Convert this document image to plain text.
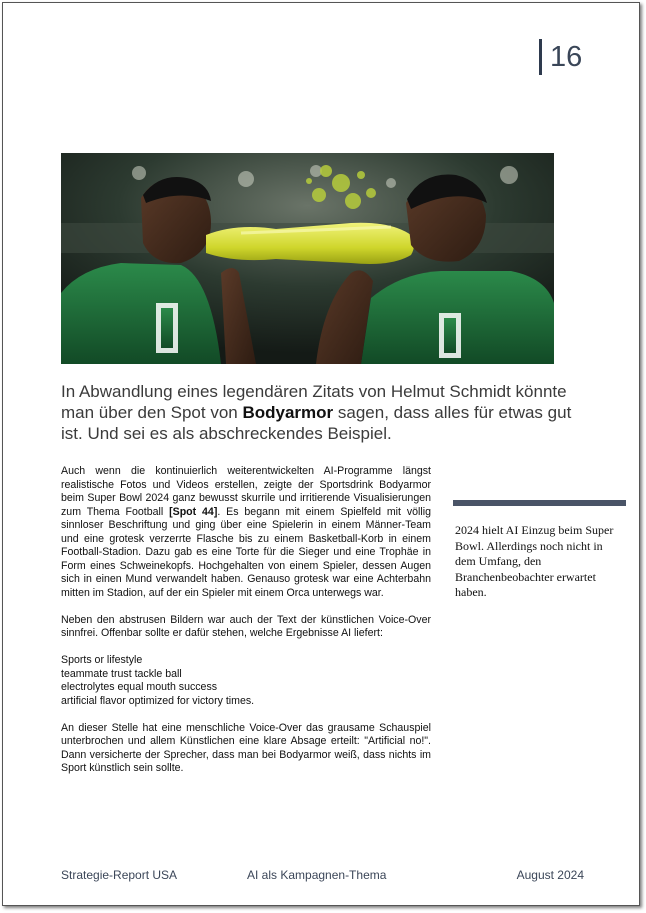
16
In Abwandlung eines legendären Zitats von Helmut Schmidt könnte man über den Spot von Bodyarmor sagen, dass alles für etwas gut ist. Und sei es als abschreckendes Beispiel.

Auch wenn die kontinuierlich weiterentwickelten AI-Programme längst realistische Fotos und Videos erstellen, zeigte der Sportsdrink Bodyarmor beim Super Bowl 2024 ganz bewusst skurrile und irritierende Visualisierungen zum Thema Football [Spot 44]. Es begann mit einem Spielfeld mit völlig sinnloser Beschriftung und ging über eine Spielerin in einem Männer-Team und eine grotesk verzerrte Flasche bis zu einem Basketball-Korb in einem Football-Stadion. Dazu gab es eine Torte für die Sieger und eine Trophäe in Form eines Schweinekopfs. Hochgehalten von einem Spieler, dessen Augen sich in einen Mund verwandelt haben. Genauso grotesk war eine Achterbahn mitten im Stadion, auf der ein Spieler mit einem Orca unterwegs war.

Neben den abstrusen Bildern war auch der Text der künstlichen Voice-Over sinnfrei. Offenbar sollte er dafür stehen, welche Ergebnisse AI liefert:

Sports or lifestyle
teammate trust tackle ball
electrolytes equal mouth success
artificial flavor optimized for victory times.

An dieser Stelle hat eine menschliche Voice-Over das grausame Schauspiel unterbrochen und allem Künstlichen eine klare Absage erteilt: "Artificial no!". Dann versicherte der Sprecher, dass man bei Bodyarmor weiß, dass nichts im Sport künstlich sein sollte.

2024 hielt AI Einzug beim Super Bowl. Allerdings noch nicht in dem Umfang, den Branchenbeobachter erwartet haben.
Strategie-Report USA	AI als Kampagnen-Thema	August 2024
